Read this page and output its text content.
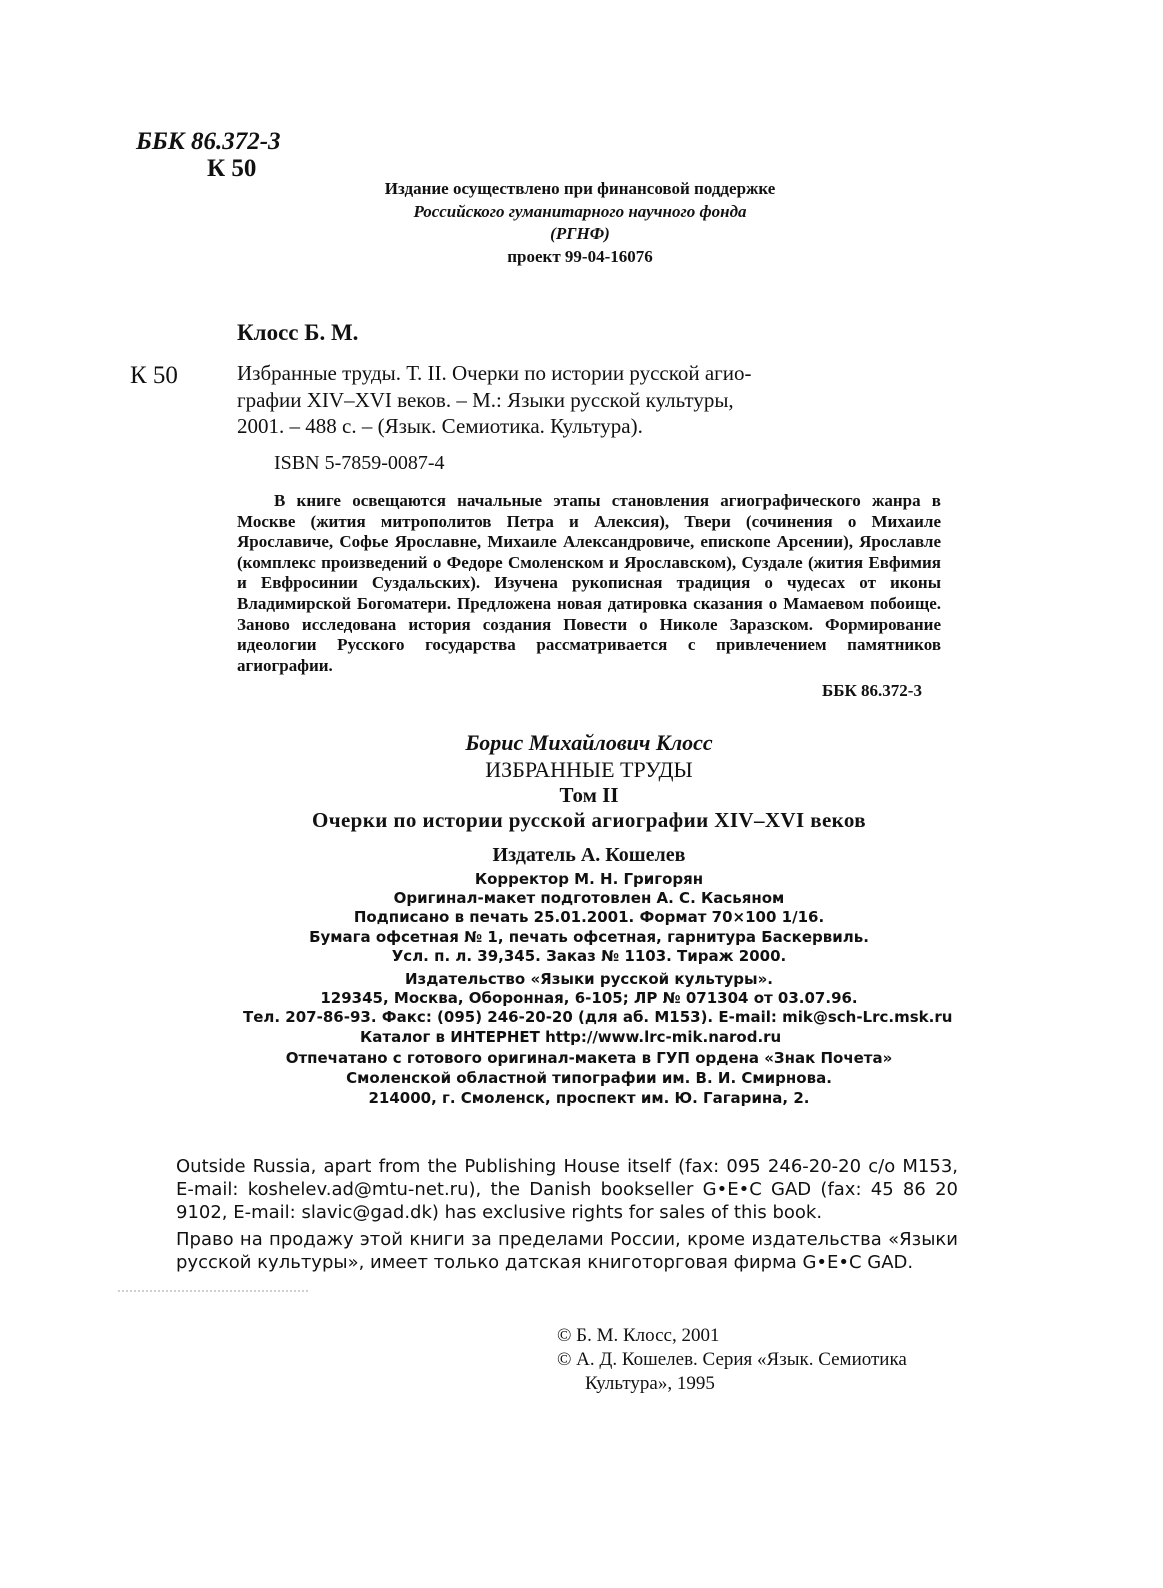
ББК 86.372-3
К 50
Издание осуществлено при финансовой поддержке
Российского гуманитарного научного фонда
(РГНФ)
проект 99-04-16076
Клосс Б. М.
К 50	Избранные труды. Т. II. Очерки по истории русской агио-
графии XIV–XVI веков. – М.: Языки русской культуры,
2001. – 488 с. – (Язык. Семиотика. Культура).
ISBN 5-7859-0087-4
В книге освещаются начальные этапы становления агиографического жанра в Москве (жития митрополитов Петра и Алексия), Твери (сочинения о Михаиле Ярославиче, Софье Ярославне, Михаиле Александровиче, епископе Арсении), Ярославле (комплекс произведений о Федоре Смоленском и Ярославском), Суздале (жития Евфимия и Евфросинии Суздальских). Изучена рукописная традиция о чудесах от иконы Владимирской Богоматери. Предложена новая датировка сказания о Мамаевом побоище. Заново исследована история создания Повести о Николе Заразском. Формирование идеологии Русского государства рассматривается с привлечением памятников агиографии.
ББК 86.372-3
Борис Михайлович Клосс
ИЗБРАННЫЕ ТРУДЫ
Том II
Очерки по истории русской агиографии XIV–XVI веков
Издатель А. Кошелев
Корректор М. Н. Григорян
Оригинал-макет подготовлен А. С. Касьяном
Подписано в печать 25.01.2001. Формат 70×100 1/16.
Бумага офсетная № 1, печать офсетная, гарнитура Баскервиль.
Усл. п. л. 39,345. Заказ № 1103. Тираж 2000.
Издательство «Языки русской культуры».
129345, Москва, Оборонная, 6-105; ЛР № 071304 от 03.07.96.
Тел. 207-86-93. Факс: (095) 246-20-20 (для аб. М153). E-mail: mik@sch-Lrc.msk.ru
Каталог в ИНТЕРНЕТ http://www.lrc-mik.narod.ru
Отпечатано с готового оригинал-макета в ГУП ордена «Знак Почета»
Смоленской областной типографии им. В. И. Смирнова.
214000, г. Смоленск, проспект им. Ю. Гагарина, 2.
Outside Russia, apart from the Publishing House itself (fax: 095 246-20-20 c/o M153, E-mail: koshelev.ad@mtu-net.ru), the Danish bookseller G•E•C GAD (fax: 45 86 20 9102, E-mail: slavic@gad.dk) has exclusive rights for sales of this book.
Право на продажу этой книги за пределами России, кроме издательства «Языки русской культуры», имеет только датская книготорговая фирма G•E•C GAD.
© Б. М. Клосс, 2001
© А. Д. Кошелев. Серия «Язык. Семиотика
Культура», 1995
